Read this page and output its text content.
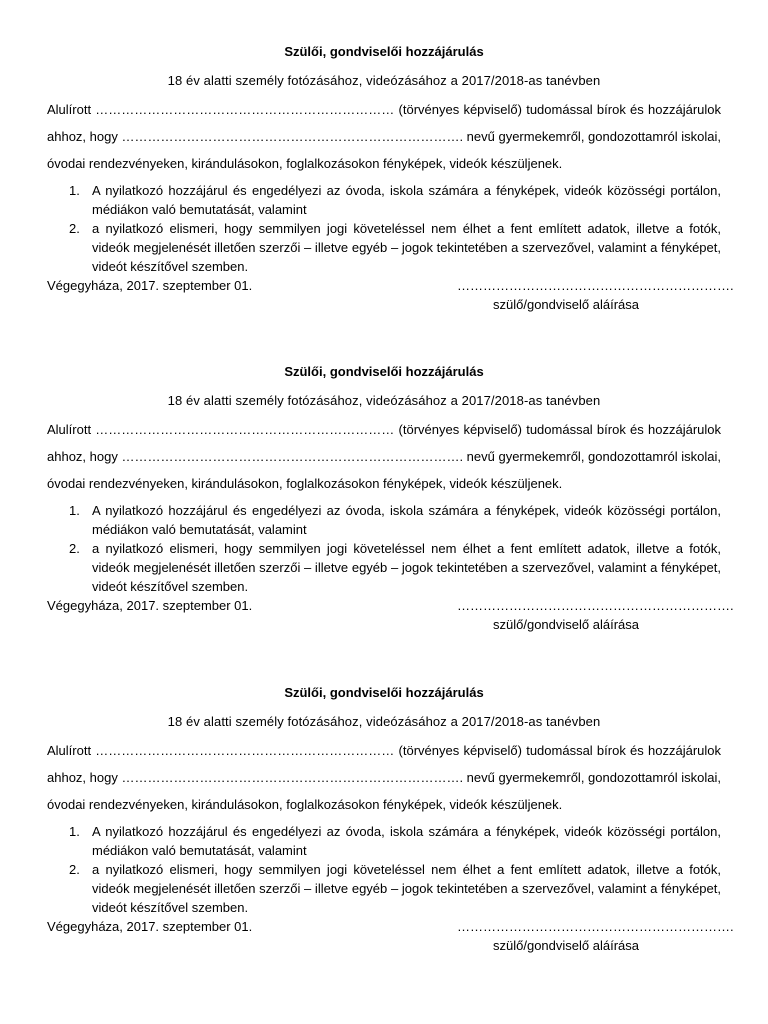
Szülői, gondviselői hozzájárulás

18 év alatti személy fotózásához, videózásához a 2017/2018-as tanévben

Alulírott …………………………………………………………… (törvényes képviselő) tudomással bírok és hozzájárulok ahhoz, hogy ……………………………………………………………………. nevű gyermekemről, gondozottamról iskolai, óvodai rendezvényeken, kirándulásokon, foglalkozásokon fényképek, videók készüljenek.

1. A nyilatkozó hozzájárul és engedélyezi az óvoda, iskola számára a fényképek, videók közösségi portálon, médiákon való bemutatását, valamint
2. a nyilatkozó elismeri, hogy semmilyen jogi követeléssel nem élhet a fent említett adatok, illetve a fotók, videók megjelenését illetően szerzői – illetve egyéb – jogok tekintetében a szervezővel, valamint a fényképet, videót készítővel szemben.
Végegyháza, 2017. szeptember 01.	……………………………………………………….
szülő/gondviselő aláírása

Szülői, gondviselői hozzájárulás

18 év alatti személy fotózásához, videózásához a 2017/2018-as tanévben

Alulírott …………………………………………………………… (törvényes képviselő) tudomással bírok és hozzájárulok ahhoz, hogy ……………………………………………………………………. nevű gyermekemről, gondozottamról iskolai, óvodai rendezvényeken, kirándulásokon, foglalkozásokon fényképek, videók készüljenek.

1. A nyilatkozó hozzájárul és engedélyezi az óvoda, iskola számára a fényképek, videók közösségi portálon, médiákon való bemutatását, valamint
2. a nyilatkozó elismeri, hogy semmilyen jogi követeléssel nem élhet a fent említett adatok, illetve a fotók, videók megjelenését illetően szerzői – illetve egyéb – jogok tekintetében a szervezővel, valamint a fényképet, videót készítővel szemben.
Végegyháza, 2017. szeptember 01.	……………………………………………………….
szülő/gondviselő aláírása

Szülői, gondviselői hozzájárulás

18 év alatti személy fotózásához, videózásához a 2017/2018-as tanévben

Alulírott …………………………………………………………… (törvényes képviselő) tudomással bírok és hozzájárulok ahhoz, hogy ……………………………………………………………………. nevű gyermekemről, gondozottamról iskolai, óvodai rendezvényeken, kirándulásokon, foglalkozásokon fényképek, videók készüljenek.

1. A nyilatkozó hozzájárul és engedélyezi az óvoda, iskola számára a fényképek, videók közösségi portálon, médiákon való bemutatását, valamint
2. a nyilatkozó elismeri, hogy semmilyen jogi követeléssel nem élhet a fent említett adatok, illetve a fotók, videók megjelenését illetően szerzői – illetve egyéb – jogok tekintetében a szervezővel, valamint a fényképet, videót készítővel szemben.
Végegyháza, 2017. szeptember 01.	……………………………………………………….
szülő/gondviselő aláírása
